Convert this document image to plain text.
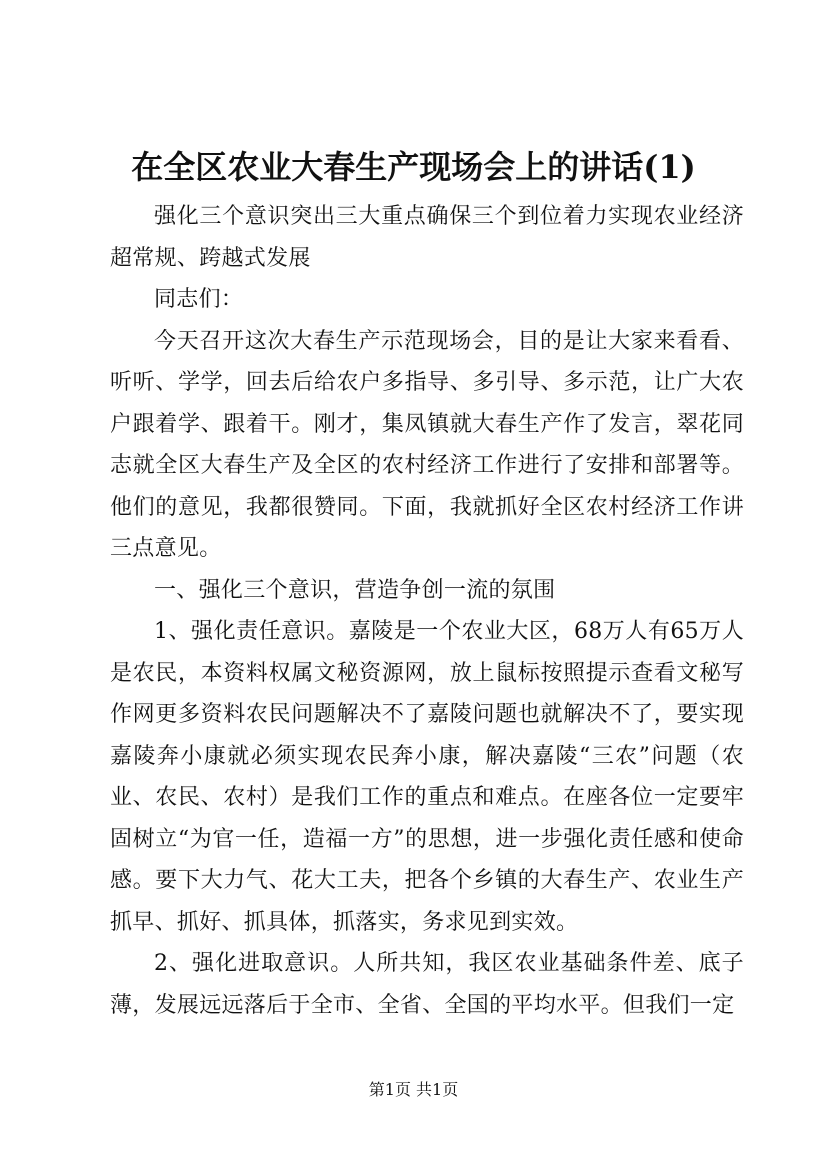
在全区农业大春生产现场会上的讲话(1)

强化三个意识突出三大重点确保三个到位着力实现农业经济超常规、跨越式发展

同志们：

今天召开这次大春生产示范现场会，目的是让大家来看看、听听、学学，回去后给农户多指导、多引导、多示范，让广大农户跟着学、跟着干。刚才，集凤镇就大春生产作了发言，翠花同志就全区大春生产及全区的农村经济工作进行了安排和部署等。他们的意见，我都很赞同。下面，我就抓好全区农村经济工作讲三点意见。

一、强化三个意识，营造争创一流的氛围

1、强化责任意识。嘉陵是一个农业大区，68万人有65万人是农民，本资料权属文秘资源网，放上鼠标按照提示查看文秘写作网更多资料农民问题解决不了嘉陵问题也就解决不了，要实现嘉陵奔小康就必须实现农民奔小康，解决嘉陵“三农”问题（农业、农民、农村）是我们工作的重点和难点。在座各位一定要牢固树立“为官一任，造福一方”的思想，进一步强化责任感和使命感。要下大力气、花大工夫，把各个乡镇的大春生产、农业生产抓早、抓好、抓具体，抓落实，务求见到实效。

2、强化进取意识。人所共知，我区农业基础条件差、底子薄，发展远远落后于全市、全省、全国的平均水平。但我们一定

第1页 共1页
